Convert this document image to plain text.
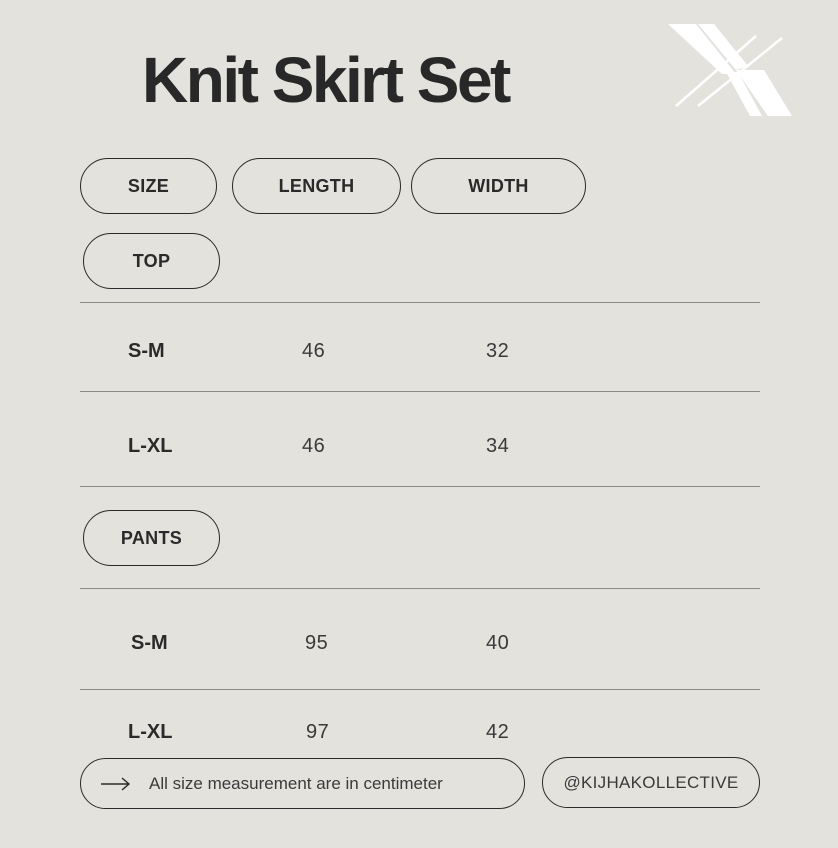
Knit Skirt Set
SIZE	LENGTH	WIDTH
TOP
S-M	46	32
L-XL	46	34
PANTS
S-M	95	40
L-XL	97	42
All size measurement are in centimeter	@KIJHAKOLLECTIVE
